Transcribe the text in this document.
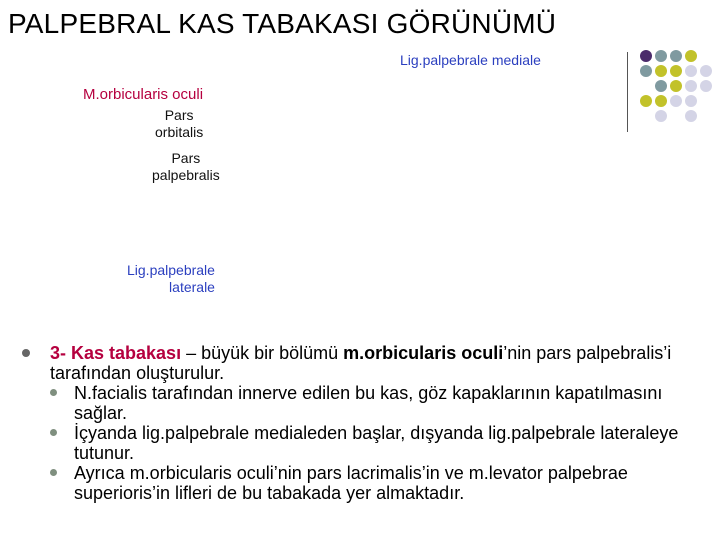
PALPEBRAL KAS TABAKASI GÖRÜNÜMÜ
Lig.palpebrale mediale
M.orbicularis oculi
Pars
orbitalis
Pars
palpebralis
Lig.palpebrale
laterale
3- Kas tabakası – büyük bir bölümü m.orbicularis oculi’nin pars palpebralis’i tarafından oluşturulur.
N.facialis tarafından innerve edilen bu kas, göz kapaklarının kapatılmasını sağlar.
İçyanda lig.palpebrale medialeden başlar, dışyanda lig.palpebrale lateraleye tutunur.
Ayrıca m.orbicularis oculi’nin pars lacrimalis’in ve m.levator palpebrae superioris’in lifleri de bu tabakada yer almaktadır.
